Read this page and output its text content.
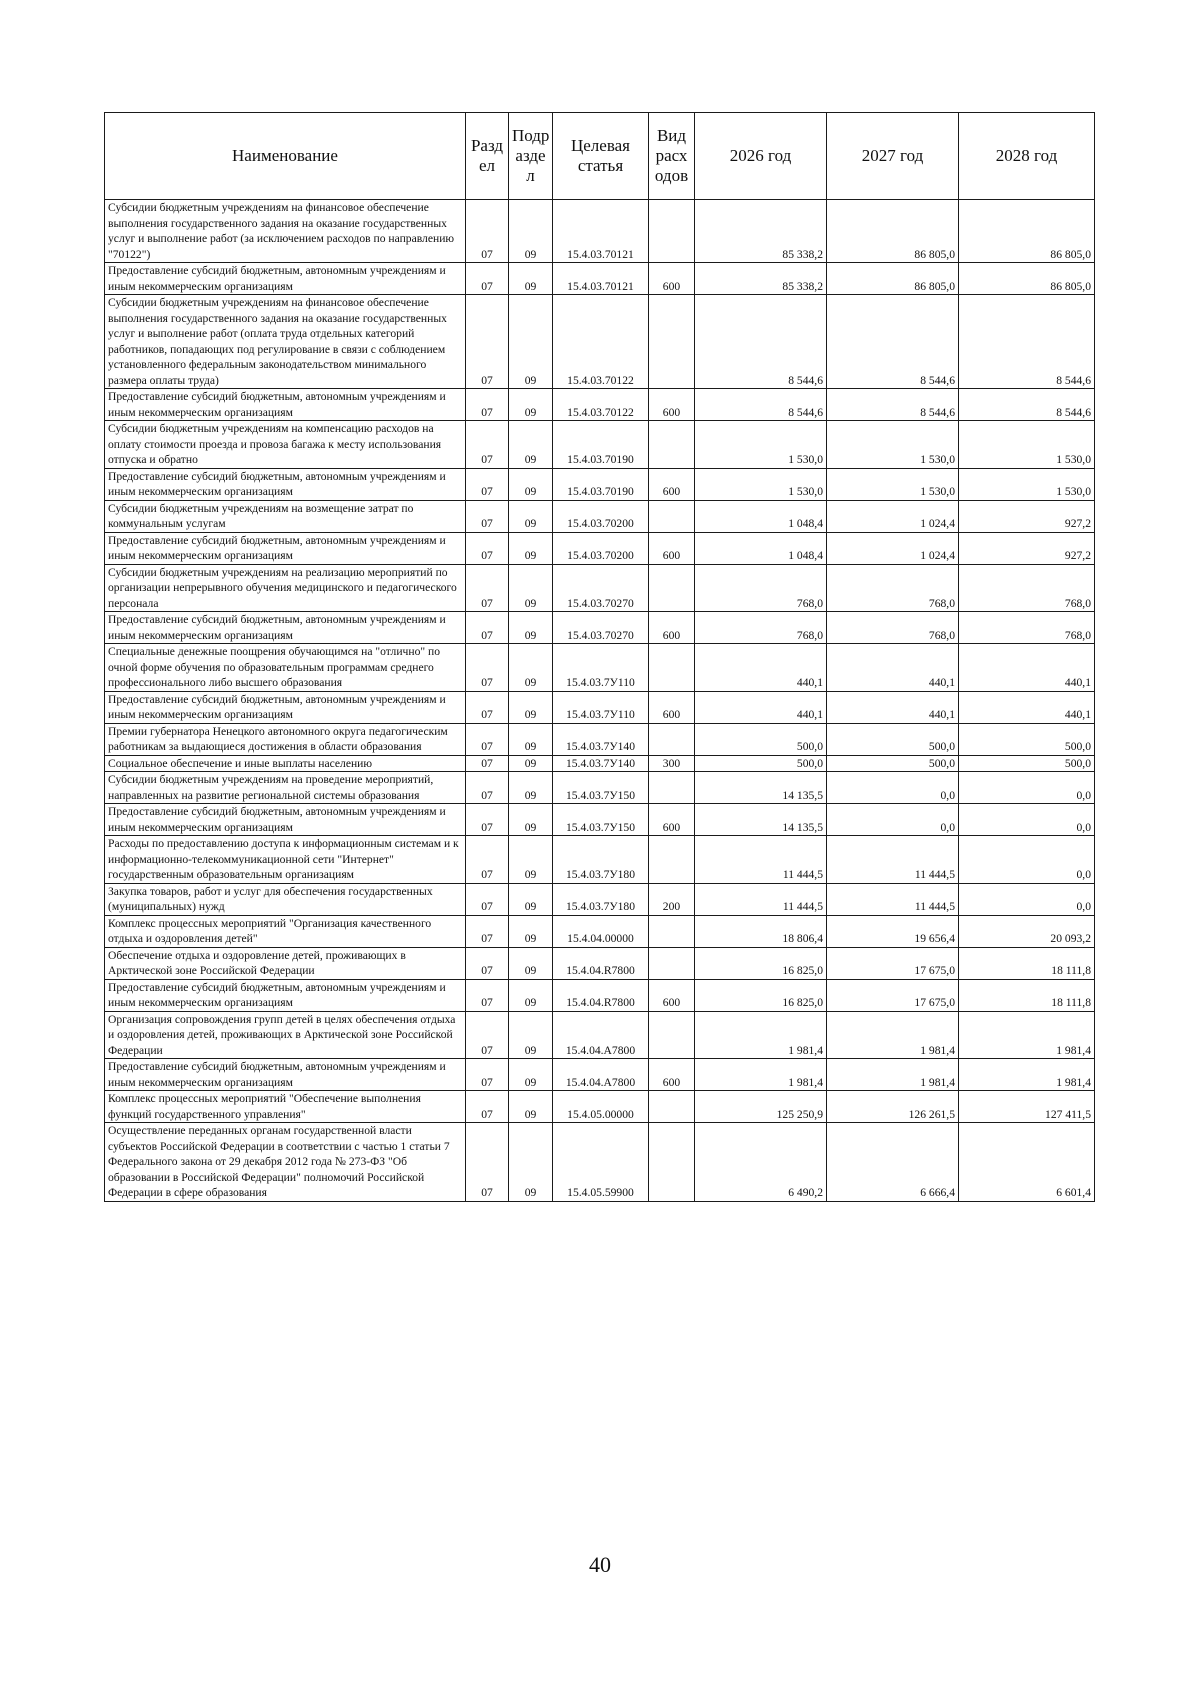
Наименование	Разд ел	Подр азде л	Целевая статья	Вид расх одов	2026 год	2027 год	2028 год
Субсидии бюджетным учреждениям на финансовое обеспечение выполнения государственного задания на оказание государственных услуг и выполнение работ (за исключением расходов по направлению "70122")	07	09	15.4.03.70121		85 338,2	86 805,0	86 805,0
Предоставление субсидий бюджетным, автономным учреждениям и иным некоммерческим организациям	07	09	15.4.03.70121	600	85 338,2	86 805,0	86 805,0
Субсидии бюджетным учреждениям на финансовое обеспечение выполнения государственного задания на оказание государственных услуг и выполнение работ (оплата труда отдельных категорий работников, попадающих под регулирование в связи с соблюдением установленного федеральным законодательством минимального размера оплаты труда)	07	09	15.4.03.70122		8 544,6	8 544,6	8 544,6
Предоставление субсидий бюджетным, автономным учреждениям и иным некоммерческим организациям	07	09	15.4.03.70122	600	8 544,6	8 544,6	8 544,6
Субсидии бюджетным учреждениям на компенсацию расходов на оплату стоимости проезда и провоза багажа к месту использования отпуска и обратно	07	09	15.4.03.70190		1 530,0	1 530,0	1 530,0
Предоставление субсидий бюджетным, автономным учреждениям и иным некоммерческим организациям	07	09	15.4.03.70190	600	1 530,0	1 530,0	1 530,0
Субсидии бюджетным учреждениям на возмещение затрат по коммунальным услугам	07	09	15.4.03.70200		1 048,4	1 024,4	927,2
Предоставление субсидий бюджетным, автономным учреждениям и иным некоммерческим организациям	07	09	15.4.03.70200	600	1 048,4	1 024,4	927,2
Субсидии бюджетным учреждениям на реализацию мероприятий по организации непрерывного обучения медицинского и педагогического персонала	07	09	15.4.03.70270		768,0	768,0	768,0
Предоставление субсидий бюджетным, автономным учреждениям и иным некоммерческим организациям	07	09	15.4.03.70270	600	768,0	768,0	768,0
Специальные денежные поощрения обучающимся на "отлично" по очной форме обучения по образовательным программам среднего профессионального либо высшего образования	07	09	15.4.03.7У110		440,1	440,1	440,1
Предоставление субсидий бюджетным, автономным учреждениям и иным некоммерческим организациям	07	09	15.4.03.7У110	600	440,1	440,1	440,1
Премии губернатора Ненецкого автономного округа педагогическим работникам за выдающиеся достижения в области образования	07	09	15.4.03.7У140		500,0	500,0	500,0
Социальное обеспечение и иные выплаты населению	07	09	15.4.03.7У140	300	500,0	500,0	500,0
Субсидии бюджетным учреждениям на проведение мероприятий, направленных на развитие региональной системы образования	07	09	15.4.03.7У150		14 135,5	0,0	0,0
Предоставление субсидий бюджетным, автономным учреждениям и иным некоммерческим организациям	07	09	15.4.03.7У150	600	14 135,5	0,0	0,0
Расходы по предоставлению доступа к информационным системам и к информационно-телекоммуникационной сети "Интернет" государственным образовательным организациям	07	09	15.4.03.7У180		11 444,5	11 444,5	0,0
Закупка товаров, работ и услуг для обеспечения государственных (муниципальных) нужд	07	09	15.4.03.7У180	200	11 444,5	11 444,5	0,0
Комплекс процессных мероприятий "Организация качественного отдыха и оздоровления детей"	07	09	15.4.04.00000		18 806,4	19 656,4	20 093,2
Обеспечение отдыха и оздоровление детей, проживающих в Арктической зоне Российской Федерации	07	09	15.4.04.R7800		16 825,0	17 675,0	18 111,8
Предоставление субсидий бюджетным, автономным учреждениям и иным некоммерческим организациям	07	09	15.4.04.R7800	600	16 825,0	17 675,0	18 111,8
Организация сопровождения групп детей в целях обеспечения отдыха и оздоровления детей, проживающих в Арктической зоне Российской Федерации	07	09	15.4.04.А7800		1 981,4	1 981,4	1 981,4
Предоставление субсидий бюджетным, автономным учреждениям и иным некоммерческим организациям	07	09	15.4.04.А7800	600	1 981,4	1 981,4	1 981,4
Комплекс процессных мероприятий "Обеспечение выполнения функций государственного управления"	07	09	15.4.05.00000		125 250,9	126 261,5	127 411,5
Осуществление переданных органам государственной власти субъектов Российской Федерации в соответствии с частью 1 статьи 7 Федерального закона от 29 декабря 2012 года № 273-ФЗ "Об образовании в Российской Федерации" полномочий Российской Федерации в сфере образования	07	09	15.4.05.59900		6 490,2	6 666,4	6 601,4
40
